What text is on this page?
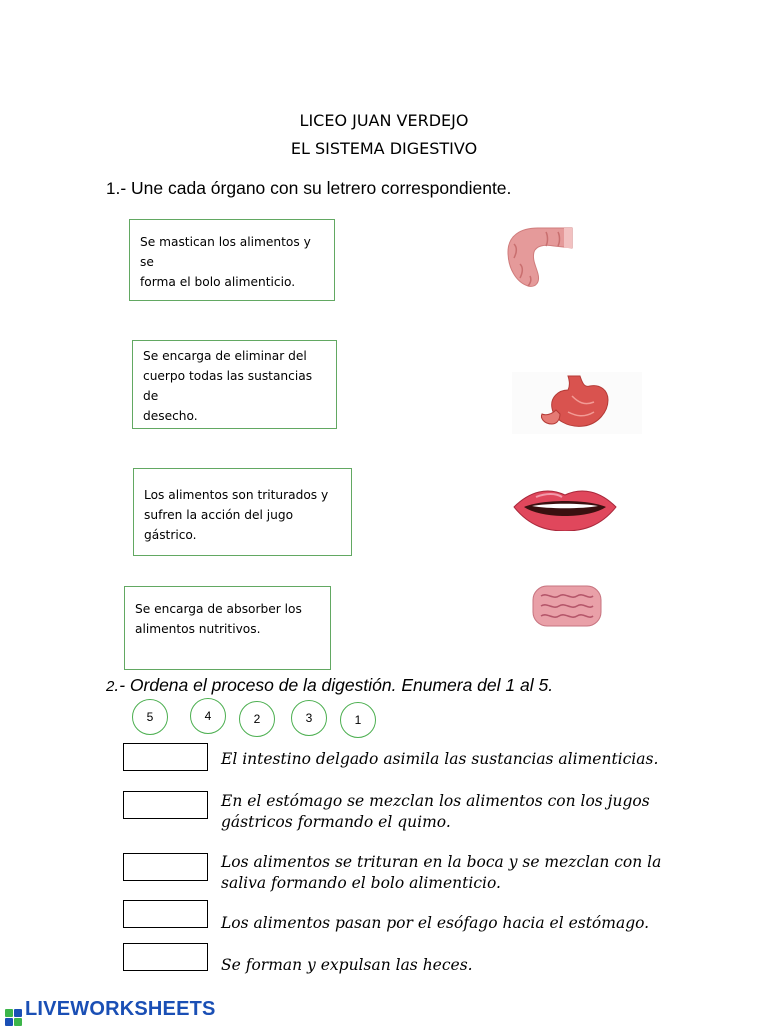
LICEO JUAN VERDEJO
EL SISTEMA DIGESTIVO
1.- Une cada órgano con su letrero correspondiente.
Se mastican los alimentos y se
forma el bolo alimenticio.
Se encarga de eliminar del
cuerpo todas las sustancias de
desecho.
Los alimentos son triturados y
sufren la acción del jugo gástrico.
Se encarga de absorber los
alimentos nutritivos.
2.- Ordena el proceso de la digestión. Enumera del 1 al 5.
5	4	2	3	1
El intestino delgado asimila las sustancias alimenticias.
En el estómago se mezclan los alimentos con los jugos
gástricos formando el quimo.
Los alimentos se trituran en la boca y se mezclan con la
saliva formando el bolo alimenticio.
Los alimentos pasan por el esófago hacia el estómago.
Se forman y expulsan las heces.
LIVEWORKSHEETS
